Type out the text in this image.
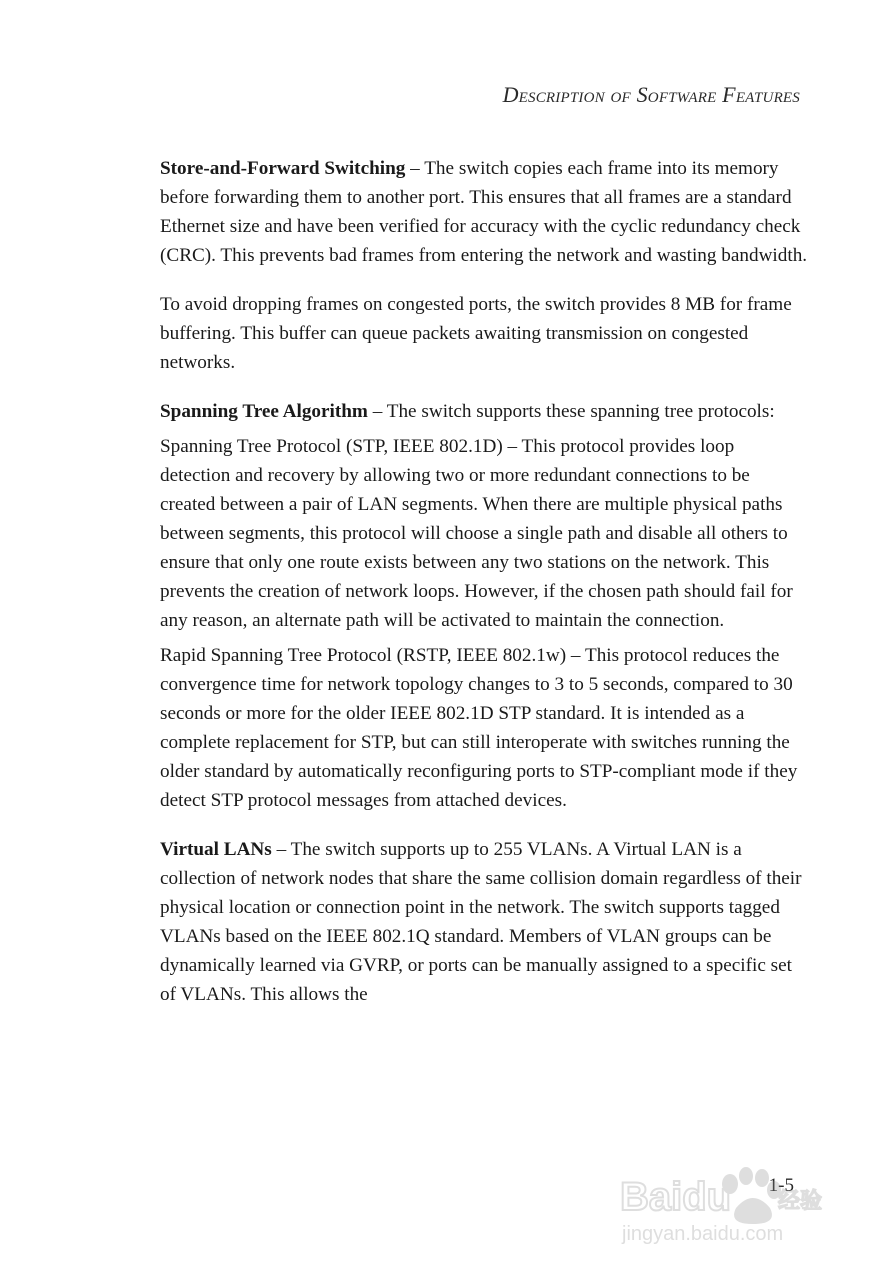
Description of Software Features

Store-and-Forward Switching – The switch copies each frame into its memory before forwarding them to another port. This ensures that all frames are a standard Ethernet size and have been verified for accuracy with the cyclic redundancy check (CRC). This prevents bad frames from entering the network and wasting bandwidth.

To avoid dropping frames on congested ports, the switch provides 8 MB for frame buffering. This buffer can queue packets awaiting transmission on congested networks.

Spanning Tree Algorithm – The switch supports these spanning tree protocols:

Spanning Tree Protocol (STP, IEEE 802.1D) – This protocol provides loop detection and recovery by allowing two or more redundant connections to be created between a pair of LAN segments. When there are multiple physical paths between segments, this protocol will choose a single path and disable all others to ensure that only one route exists between any two stations on the network. This prevents the creation of network loops. However, if the chosen path should fail for any reason, an alternate path will be activated to maintain the connection.

Rapid Spanning Tree Protocol (RSTP, IEEE 802.1w) – This protocol reduces the convergence time for network topology changes to 3 to 5 seconds, compared to 30 seconds or more for the older IEEE 802.1D STP standard. It is intended as a complete replacement for STP, but can still interoperate with switches running the older standard by automatically reconfiguring ports to STP-compliant mode if they detect STP protocol messages from attached devices.

Virtual LANs – The switch supports up to 255 VLANs. A Virtual LAN is a collection of network nodes that share the same collision domain regardless of their physical location or connection point in the network. The switch supports tagged VLANs based on the IEEE 802.1Q standard. Members of VLAN groups can be dynamically learned via GVRP, or ports can be manually assigned to a specific set of VLANs. This allows the

1-5
Baidu 经验
jingyan.baidu.com
